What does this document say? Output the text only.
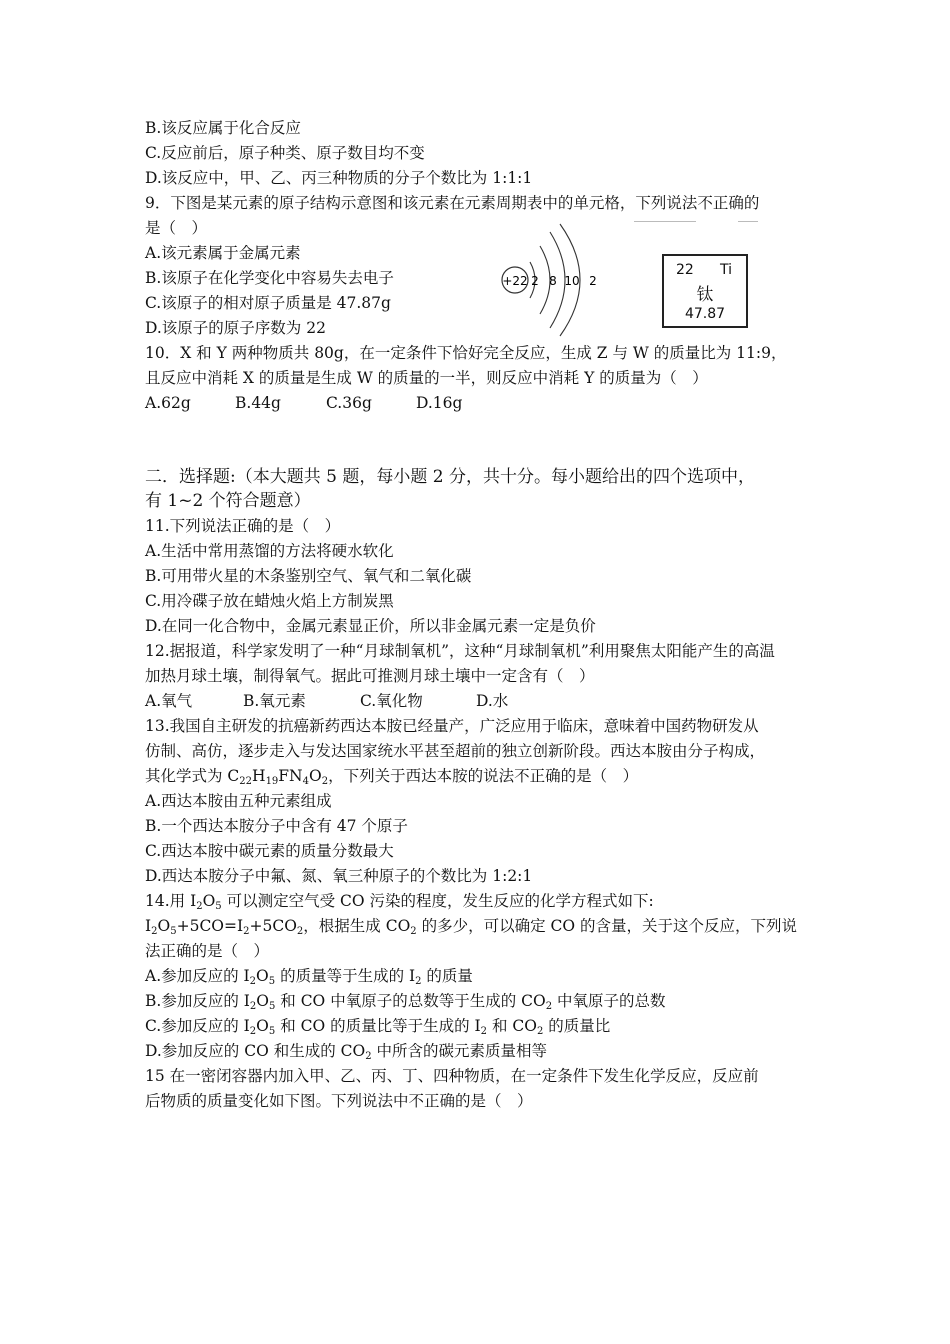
B.该反应属于化合反应
C.反应前后，原子种类、原子数目均不变
D.该反应中，甲、乙、丙三种物质的分子个数比为 1:1:1
9．下图是某元素的原子结构示意图和该元素在元素周期表中的单元格，下列说法不正确的
是（　）
A.该元素属于金属元素
B.该原子在化学变化中容易失去电子
C.该原子的相对原子质量是 47.87g
D.该原子的原子序数为 22
+22 2 8 10 2
22 Ti
钛
47.87
10．X 和 Y 两种物质共 80g，在一定条件下恰好完全反应，生成 Z 与 W 的质量比为 11:9，
且反应中消耗 X 的质量是生成 W 的质量的一半，则反应中消耗 Y 的质量为（　）
A.62g	B.44g	C.36g	D.16g
二．选择题:（本大题共 5 题，每小题 2 分，共十分。每小题给出的四个选项中，
有 1~2 个符合题意）
11.下列说法正确的是（　）
A.生活中常用蒸馏的方法将硬水软化
B.可用带火星的木条鉴别空气、氧气和二氧化碳
C.用冷碟子放在蜡烛火焰上方制炭黑
D.在同一化合物中，金属元素显正价，所以非金属元素一定是负价
12.据报道，科学家发明了一种“月球制氧机”，这种“月球制氧机”利用聚焦太阳能产生的高温
加热月球土壤，制得氧气。据此可推测月球土壤中一定含有（　）
A.氧气	B.氧元素	C.氧化物	D.水
13.我国自主研发的抗癌新药西达本胺已经量产，广泛应用于临床，意味着中国药物研发从
仿制、高仿，逐步走入与发达国家统水平甚至超前的独立创新阶段。西达本胺由分子构成，
其化学式为 $C_{22}H_{19}FN_4O_2$，下列关于西达本胺的说法不正确的是（　）
A.西达本胺由五种元素组成
B.一个西达本胺分子中含有 47 个原子
C.西达本胺中碳元素的质量分数最大
D.西达本胺分子中氟、氮、氧三种原子的个数比为 1:2:1
14.用 $I_2O_5$ 可以测定空气受 CO 污染的程度，发生反应的化学方程式如下:
$I_2O_5+5CO=I_2+5CO_2$，根据生成 $CO_2$ 的多少，可以确定 CO 的含量，关于这个反应，下列说
法正确的是（　）
A.参加反应的 $I_2O_5$ 的质量等于生成的 $I_2$ 的质量
B.参加反应的 $I_2O_5$ 和 CO 中氧原子的总数等于生成的 $CO_2$ 中氧原子的总数
C.参加反应的 $I_2O_5$ 和 CO 的质量比等于生成的 $I_2$ 和 $CO_2$ 的质量比
D.参加反应的 CO 和生成的 $CO_2$ 中所含的碳元素质量相等
15 在一密闭容器内加入甲、乙、丙、丁、四种物质，在一定条件下发生化学反应，反应前
后物质的质量变化如下图。下列说法中不正确的是（　）
